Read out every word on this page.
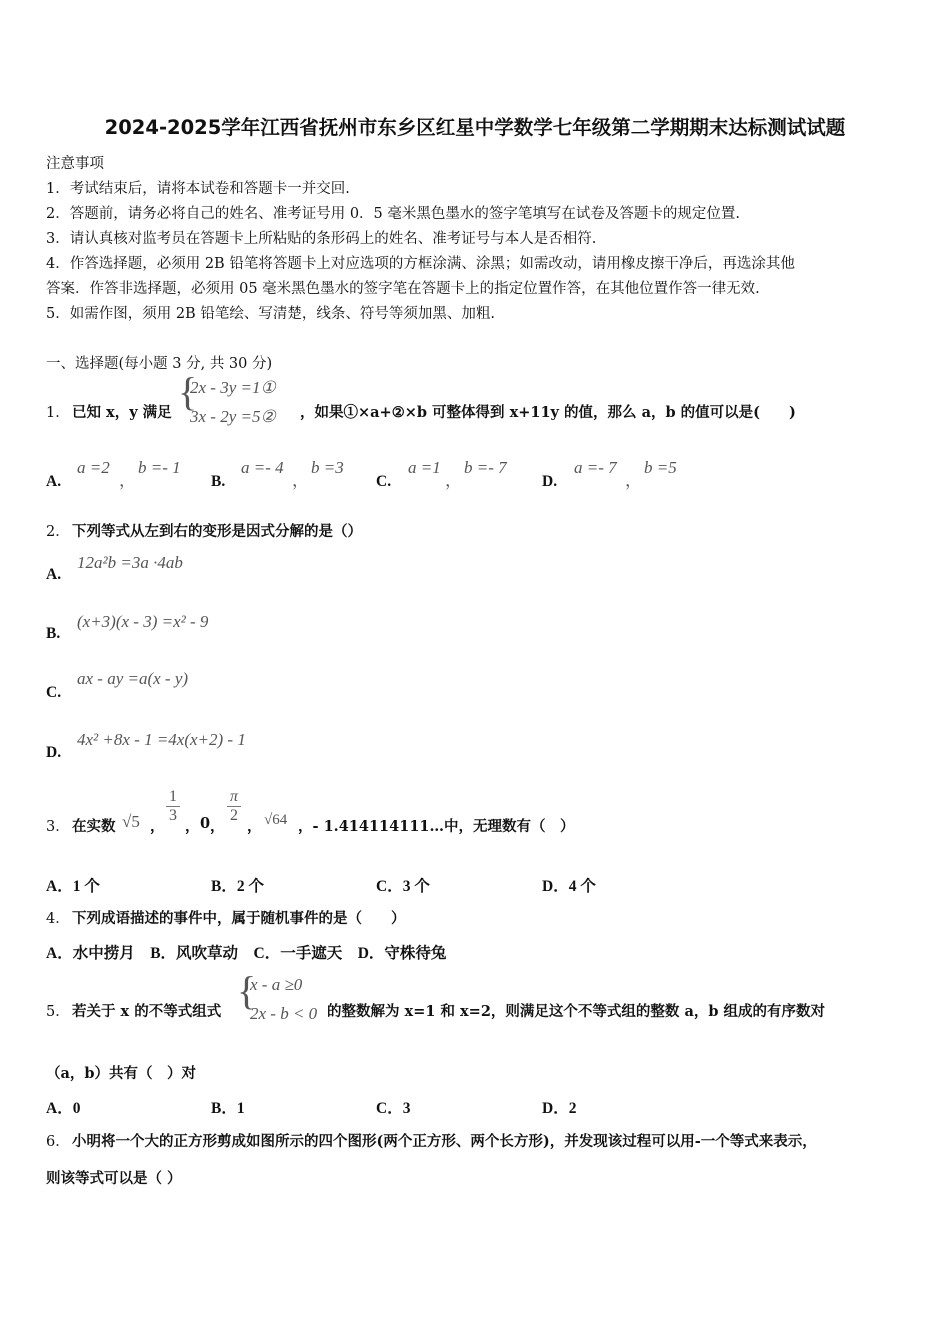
2024-2025学年江西省抚州市东乡区红星中学数学七年级第二学期期末达标测试试题
注意事项
1．考试结束后，请将本试卷和答题卡一并交回.
2．答题前，请务必将自己的姓名、准考证号用 0．5 毫米黑色墨水的签字笔填写在试卷及答题卡的规定位置.
3．请认真核对监考员在答题卡上所粘贴的条形码上的姓名、准考证号与本人是否相符.
4．作答选择题，必须用 2B 铅笔将答题卡上对应选项的方框涂满、涂黑；如需改动，请用橡皮擦干净后，再选涂其他
答案．作答非选择题，必须用 05 毫米黑色墨水的签字笔在答题卡上的指定位置作答，在其他位置作答一律无效.
5．如需作图，须用 2B 铅笔绘、写清楚，线条、符号等须加黑、加粗.
一、选择题(每小题 3 分, 共 30 分)
1． 已知 x，y 满足 {
2x - 3y =1①
3x - 2y =5② ，如果①×a+②×b 可整体得到 x+11y 的值，那么 a，b 的值可以是(　　)
A.
a =2
，
b =- 1
B.
a =- 4
，
b =3
C.
a =1
，
b =- 7
D.
a =- 7
，
b =5
2． 下列等式从左到右的变形是因式分解的是（）
A.
12a²b =3a ·4ab
B.
(x+3)(x - 3) =x² - 9
C.
ax - ay =a(x - y)
D.
4x² +8x - 1 =4x(x+2) - 1
3． 在实数 √5 ，
$\frac{1}{3}$
， 0 ，
$\frac{\pi}{2}$
， √64 ，- 1.414114111…中，无理数有（　）
A．1 个	B．2 个	C．3 个	D．4 个
4． 下列成语描述的事件中，属于随机事件的是（　　）
A．水中捞月　B．风吹草动　C．一手遮天　D．守株待兔
5． 若关于 x 的不等式组式 {
x - a ≥0
2x - b < 0 的整数解为 x=1 和 x=2，则满足这个不等式组的整数 a，b 组成的有序数对
（a，b）共有（　）对
A．0	B．1	C．3	D．2
6． 小明将一个大的正方形剪成如图所示的四个图形(两个正方形、两个长方形)，并发现该过程可以用-一个等式来表示，
则该等式可以是（ ）
